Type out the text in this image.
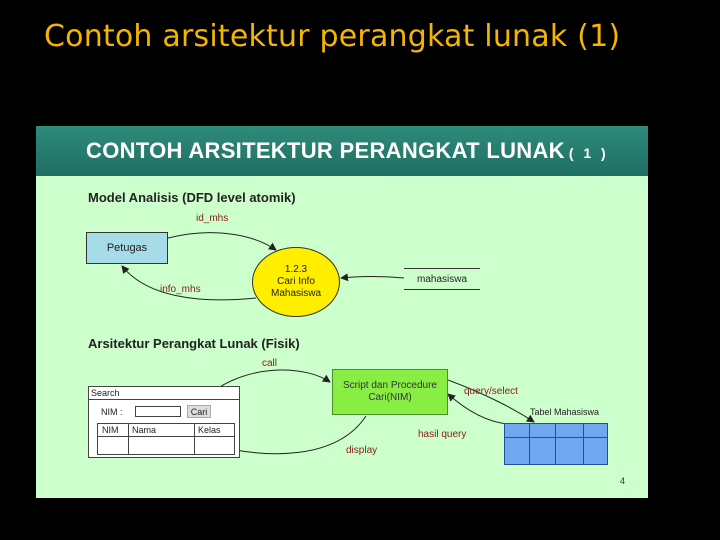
Contoh arsitektur perangkat lunak (1)
CONTOH ARSITEKTUR PERANGKAT LUNAK ( 1 )
Model Analisis (DFD level atomik)
Arsitektur Perangkat Lunak (Fisik)
id_mhs
info_mhs
Petugas
1.2.3
Cari Info
Mahasiswa
mahasiswa
call
display
query/select
hasil query
Script dan Procedure
Cari(NIM)
Search
NIM :	Cari
NIM Nama	Kelas
Tabel Mahasiswa
4
